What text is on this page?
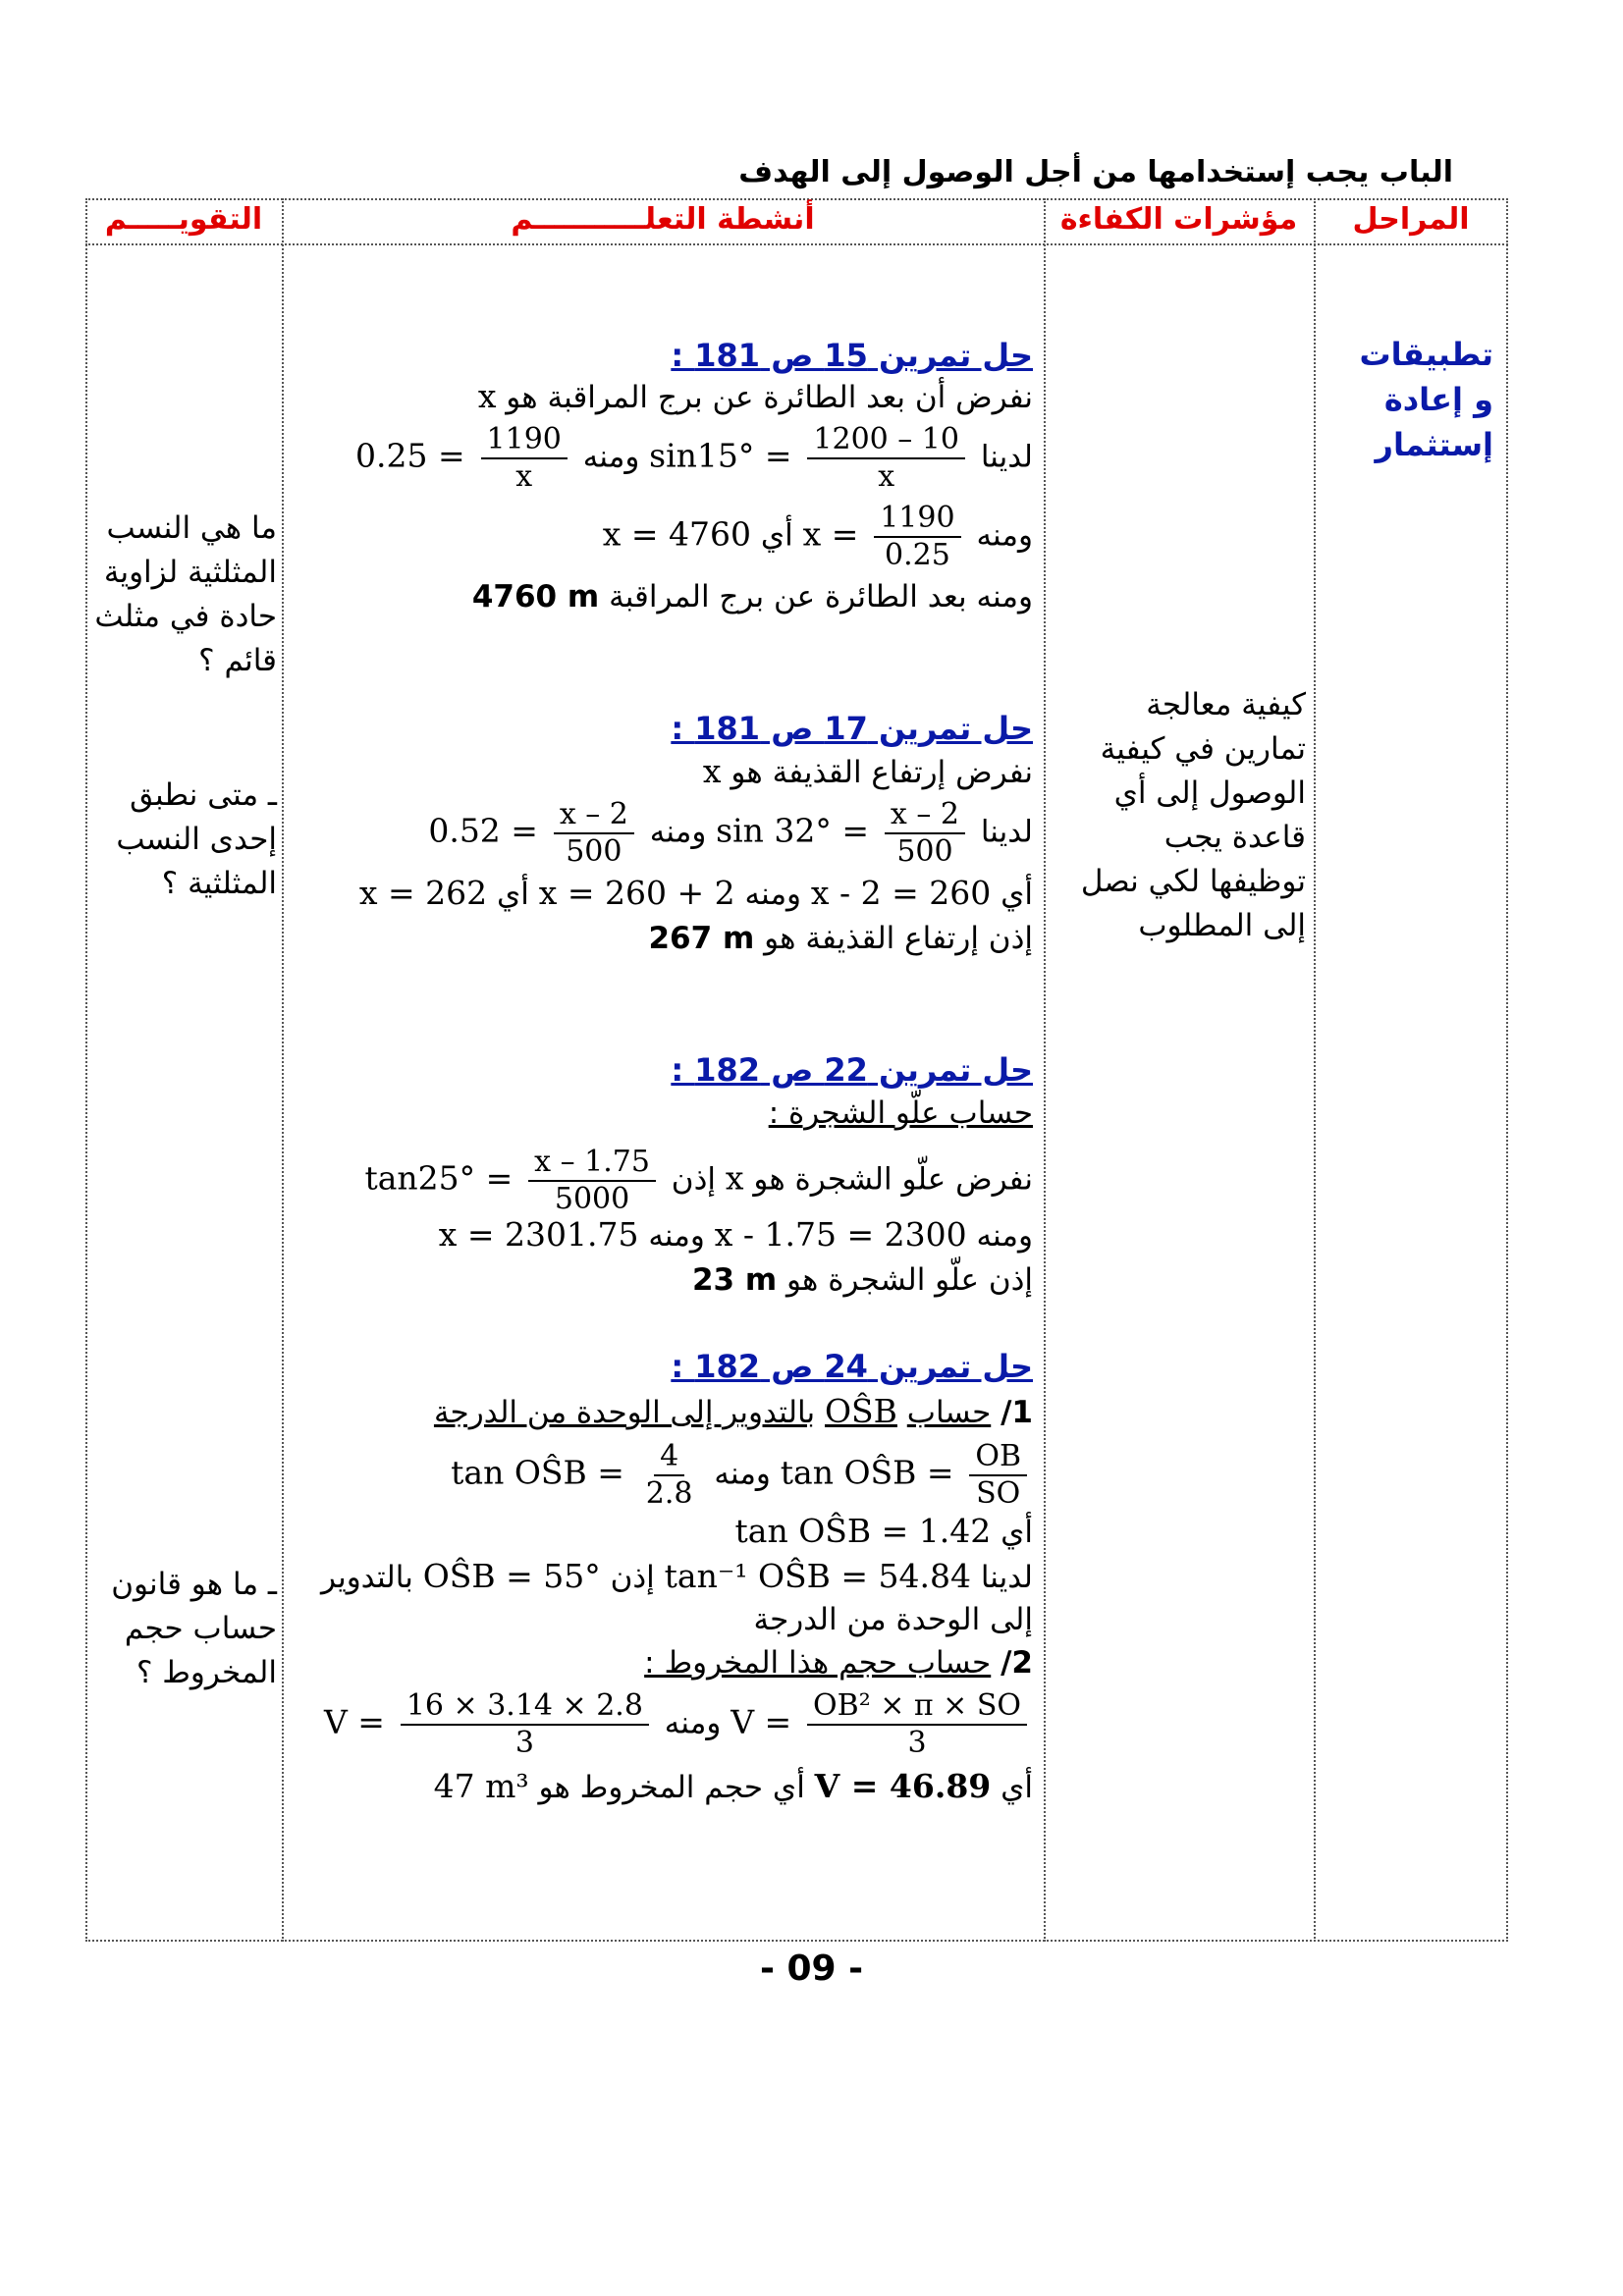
الباب يجب إستخدامها من أجل الوصول إلى الهدف
المراحل
مؤشرات الكفاءة
أنشطة التعلـــــــــــم
التقويـــــم
تطبيقات و إعادة إستثمار
كيفية معالجة تمارين في كيفية الوصول إلى أي قاعدة يجب توظيفها لكي نصل إلى المطلوب
ما هي النسب المثلثية لزاوية حادة في مثلث قائم ؟
ـ متى نطبق إحدى النسب المثلثية ؟
ـ ما هو قانون حساب حجم المخروط ؟
حل تمرين 15 ص 181 :
نفرض أن بعد الطائرة عن برج المراقبة هو x
لدينا
$\frac{1200 - 10}{x}$
sin15° = ومنه
$\frac{1190}{x}$
0.25 =
ومنه
$\frac{1190}{0.25}$
x = أي x = 4760
ومنه بعد الطائرة عن برج المراقبة 4760 m
حل تمرين 17 ص 181 :
نفرض إرتفاع القذيفة هو x
لدينا
$\frac{x - 2}{500}$
sin 32° = ومنه
$\frac{x - 2}{500}$
0.52 =
أي x - 2 = 260 ومنه x = 260 + 2 أي x = 262
إذن إرتفاع القذيفة هو 267 m
حل تمرين 22 ص 182 :
حساب علّو الشجرة :
نفرض علّو الشجرة هو x إذن
$\frac{x - 1.75}{5000}$
tan25° =
ومنه x - 1.75 = 2300 ومنه x = 2301.75
إذن علّو الشجرة هو 23 m
حل تمرين 24 ص 182 :
1/ حساب OŜB بالتدوير إلى الوحدة من الدرجة
$\frac{OB}{SO}$
tan OŜB = ومنه
$\frac{4}{2.8}$
tan OŜB =
أي tan OŜB = 1.42
لدينا tan⁻¹ OŜB = 54.84 إذن OŜB = 55° بالتدوير
إلى الوحدة من الدرجة
2/ حساب حجم هذا المخروط :
$\frac{\text{OB² × π × SO}}{3}$
V = ومنه
$\frac{16 \times 3.14 \times 2.8}{3}$
V =
أي V = 46.89 أي حجم المخروط هو 47 m³
- 09 -
